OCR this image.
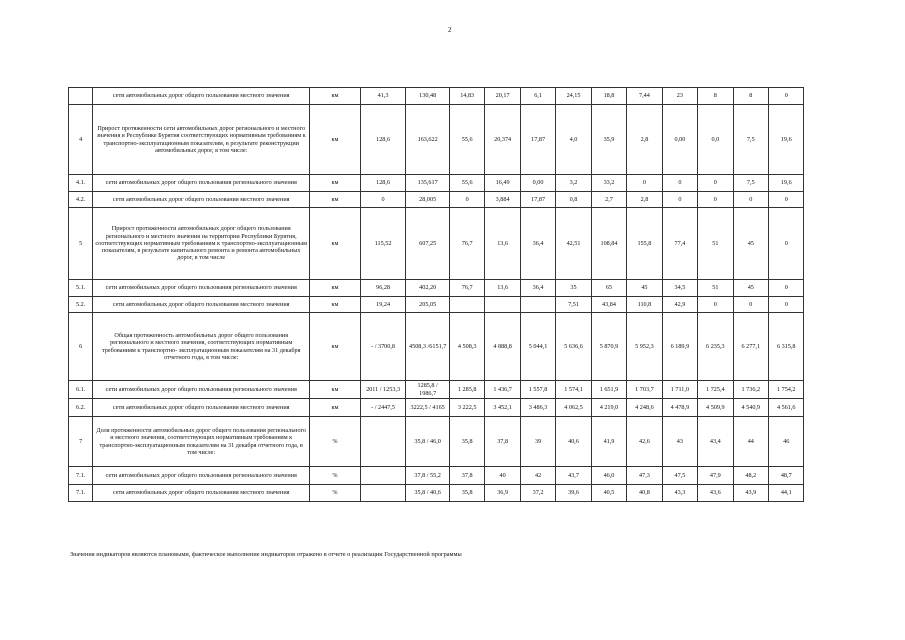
2
	сети автомобильных дорог общего пользования местного значения	км	41,3	130,48	14,83	20,17	6,1	24,15	18,8	7,44	23	8	8	0
4	Прирост протяженности сети автомобильных дорог регионального и местного значения в Республике Бурятия соответствующих нормативным требованиям к транспортно-эксплуатационным показателям, в результате реконструкции автомобильных дорог, в том числе:	км	128,6	163,622	55,6	20,374	17,87	4,0	35,9	2,8	0,00	0,0	7,5	19,6
4.1.	сети автомобильных дорог общего пользования регионального значения	км	128,6	135,617	55,6	16,49	0,00	3,2	33,2	0	0	0	7,5	19,6
4.2.	сети автомобильных дорог общего пользования местного значения	км	0	28,005	0	3,884	17,87	0,8	2,7	2,8	0	0	0	0
5	Прирост протяженности автомобильных дорог общего пользования регионального и местного значения на территории Республики Бурятия, соответствующих нормативным требованиям к транспортно-эксплуатационным показателям, в результате капитального ремонта и ремонта автомобильных дорог, в том числе	км	115,52	607,25	76,7	13,6	36,4	42,51	108,84	155,8	77,4	51	45	0
5.1.	сети автомобильных дорог общего пользования регионального значения	км	96,28	402,20	76,7	13,6	36,4	35	65	45	34,5	51	45	0
5.2.	сети автомобильных дорог общего пользования местного значения	км	19,24	205,05				7,51	43,84	110,8	42,9	0	0	0
6	Общая протяженность автомобильных дорог общего пользования регионального и местного значения, соответствующих нормативным требованиям к транспортно- эксплуатационным показателям на 31 декабря отчетного года, в том числе:	км	- / 3700,8	4508,3 /6151,7	4 508,3	4 888,8	5 044,1	5 636,6	5 870,9	5 952,3	6 189,9	6 235,3	6 277,1	6 315,8
6.1.	сети автомобильных дорог общего пользования регионального значения	км	2011 / 1253,3	1285,8 / 1986,7	1 285,8	1 436,7	1 557,8	1 574,1	1 651,9	1 703,7	1 711,0	1 725,4	1 736,2	1 754,2
6.2.	сети автомобильных дорог общего пользования местного значения	км	- / 2447,5	3222,5 / 4165	3 222,5	3 452,1	3 486,3	4 062,5	4 219,0	4 248,6	4 478,9	4 509,9	4 540,9	4 561,6
7	Доля протяженности автомобильных дорог общего пользования регионального и местного значения, соответствующих нормативным требованиям к транспортно-эксплуатационным показателям на 31 декабря отчетного года, в том числе:	%		35,8 / 46,0	35,8	37,8	39	40,6	41,9	42,6	43	43,4	44	46
7.1.	сети автомобильных дорог общего пользования регионального значения	%		37,8 / 55,2	37,8	40	42	43,7	46,0	47,3	47,5	47,9	48,2	48,7
7.1.	сети автомобильных дорог общего пользования местного значения	%		35,8 / 40,6	35,8	36,9	37,2	39,6	40,5	40,8	43,3	43,6	43,9	44,1
Значения индикаторов являются плановыми, фактическое выполнение индикаторов отражено в отчете о реализации Государственной программы
